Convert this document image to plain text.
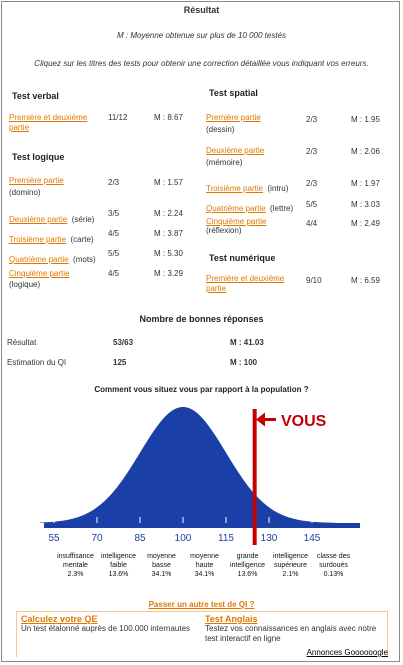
Résultat
M : Moyenne obtenue sur plus de 10 000 testés
Cliquez sur les titres des tests pour obtenir une correction détaillée vous indiquant vos erreurs.
Test verbal
Première et deuxième
partie
11/12	M : 8.67
Test logique
Première partie
(domino)
2/3	M : 1.57
Deuxième partie (série)
3/5	M : 2.24
Troisième partie (carte)
4/5	M : 3.87
Quatrième partie (mots)
5/5	M : 5.30
Cinquième partie
(logique)
4/5	M : 3.29
Test spatial
Première partie
(dessin)
2/3	M : 1.95
Deuxième partie
(mémoire)
2/3	M : 2.06
Troisième partie (intru)
2/3	M : 1.97
Quatrième partie (lettre) 5/5	M : 3.03
Cinquième partie
(réflexion)
4/4	M : 2.49
Test numérique
Première et deuxième
partie
9/10	M : 6.59
Nombre de bonnes réponses
Résultat	53/63	M : 41.03
Estimation du QI	125	M : 100
Comment vous situez vous par rapport à la population ?
55	70	85	100	115	130	145
VOUS
insuffisance mentale
2.3%
intelligence faible
13.6%
moyenne basse
34.1%
moyenne haute
34.1%
grande intelligence
13.6%
intelligence supérieure
2.1%
classe des surdoués
0.13%
Passer un autre test de QI ?
Calculez votre QE
Un test étalonné auprès de 100.000 internautes
Test Anglais
Testez vos connaissances en anglais avec notre test interactif en ligne
Annonces Goooooogle
